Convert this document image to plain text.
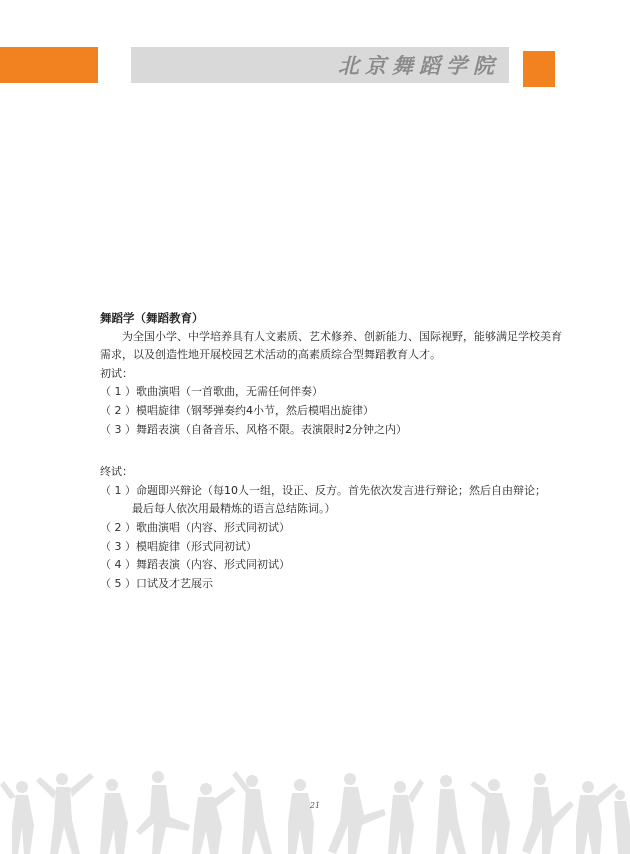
北京舞蹈学院

舞蹈学（舞蹈教育）

为全国小学、中学培养具有人文素质、艺术修养、创新能力、国际视野，能够满足学校美育需求，以及创造性地开展校园艺术活动的高素质综合型舞蹈教育人才。

初试：

（ 1 ） 歌曲演唱（一首歌曲，无需任何伴奏）
（ 2 ） 模唱旋律（钢琴弹奏约4小节，然后模唱出旋律）
（ 3 ） 舞蹈表演（自备音乐、风格不限。表演限时2分钟之内）

终试：

（ 1 ） 命题即兴辩论（每10人一组，设正、反方。首先依次发言进行辩论；然后自由辩论；

最后每人依次用最精炼的语言总结陈词。）

（ 2 ） 歌曲演唱（内容、形式同初试）
（ 3 ） 模唱旋律（形式同初试）
（ 4 ） 舞蹈表演（内容、形式同初试）
（ 5 ） 口试及才艺展示
21
